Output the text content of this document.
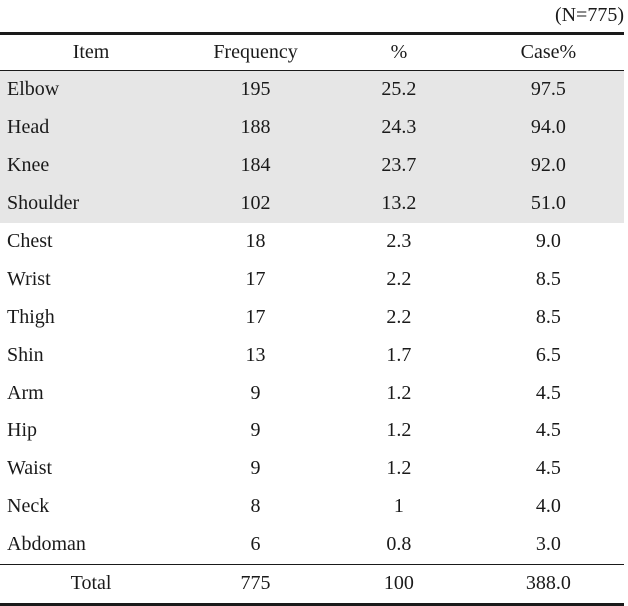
(N=775)
Item	Frequency	%	Case%
Elbow	195	25.2	97.5
Head	188	24.3	94.0
Knee	184	23.7	92.0
Shoulder	102	13.2	51.0
Chest	18	2.3	9.0
Wrist	17	2.2	8.5
Thigh	17	2.2	8.5
Shin	13	1.7	6.5
Arm	9	1.2	4.5
Hip	9	1.2	4.5
Waist	9	1.2	4.5
Neck	8	1	4.0
Abdoman	6	0.8	3.0
Total	775	100	388.0
